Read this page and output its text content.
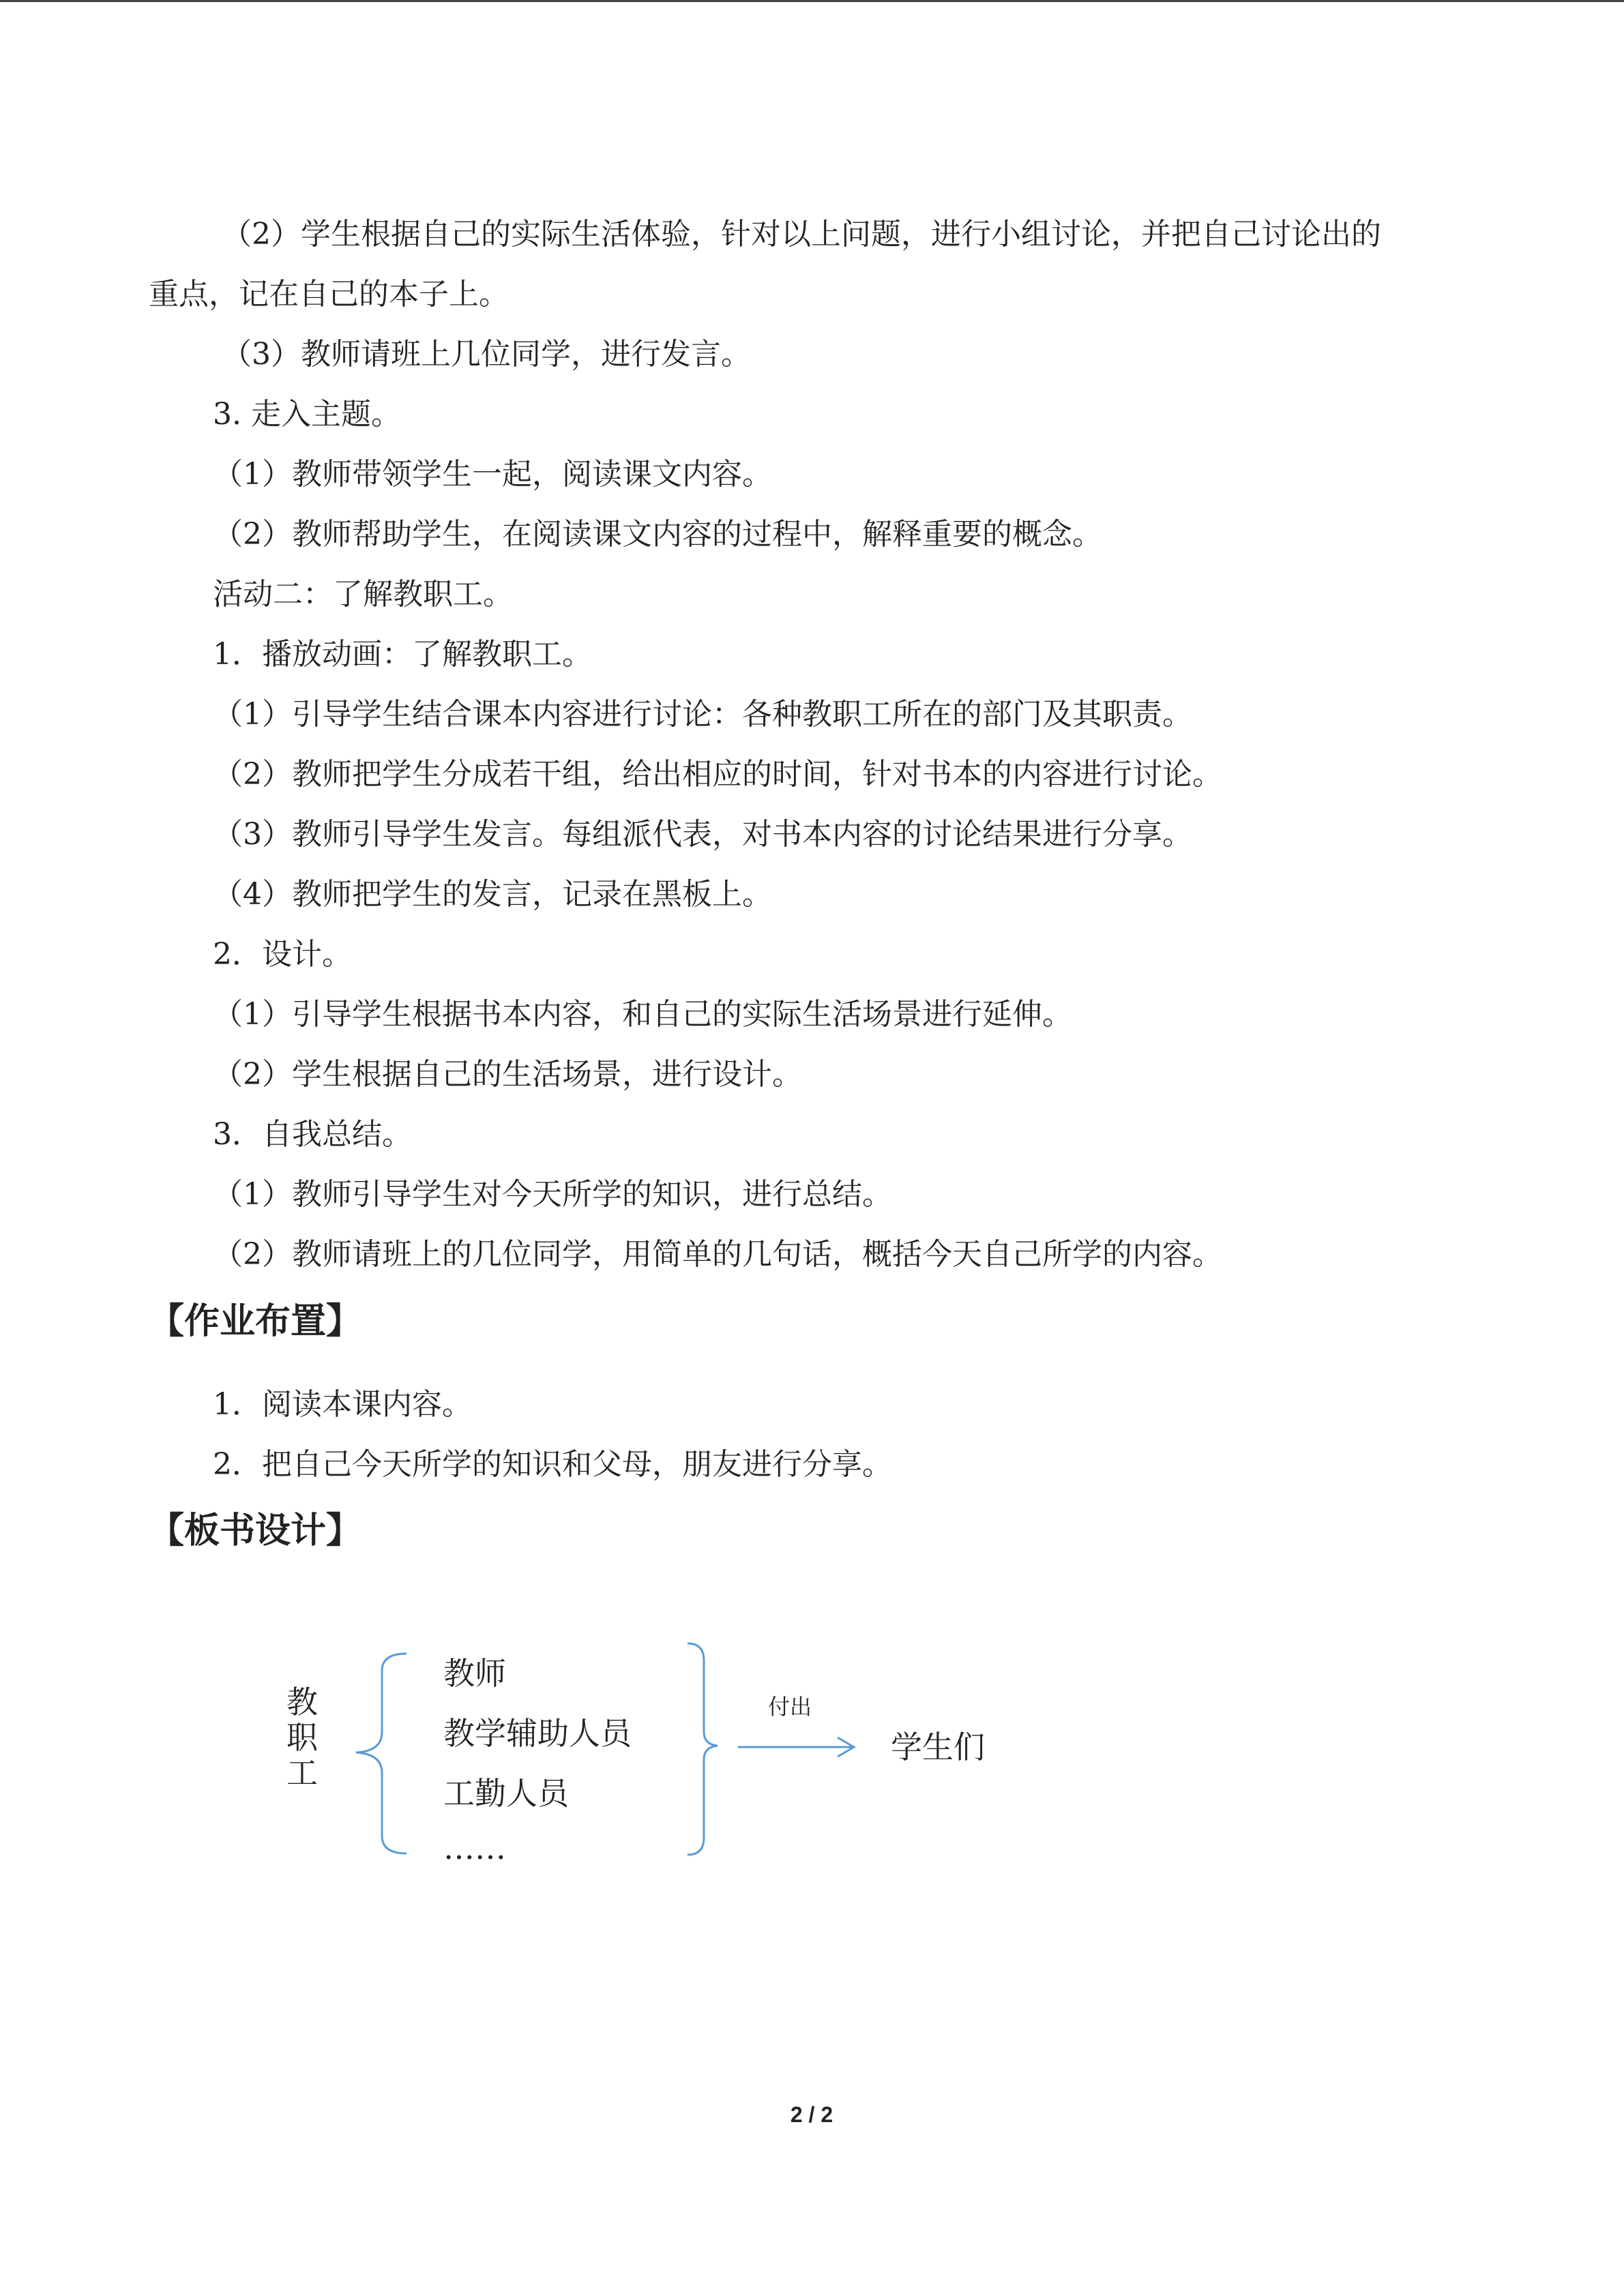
（2）学生根据自己的实际生活体验，针对以上问题，进行小组讨论，并把自己讨论出的
重点，记在自己的本子上。
（3）教师请班上几位同学，进行发言。
3. 走入主题。
（1）教师带领学生一起，阅读课文内容。
（2）教师帮助学生，在阅读课文内容的过程中，解释重要的概念。
活动二：了解教职工。
1．播放动画：了解教职工。
（1）引导学生结合课本内容进行讨论：各种教职工所在的部门及其职责。
（2）教师把学生分成若干组，给出相应的时间，针对书本的内容进行讨论。
（3）教师引导学生发言。每组派代表，对书本内容的讨论结果进行分享。
（4）教师把学生的发言，记录在黑板上。
2．设计。
（1）引导学生根据书本内容，和自己的实际生活场景进行延伸。
（2）学生根据自己的生活场景，进行设计。
3．自我总结。
（1）教师引导学生对今天所学的知识，进行总结。
（2）教师请班上的几位同学，用简单的几句话，概括今天自己所学的内容。
【作业布置】
1．阅读本课内容。
2．把自己今天所学的知识和父母，朋友进行分享。
【板书设计】
教
职
工
教师
教学辅助人员
工勤人员
……
付出
学生们
2 / 2
